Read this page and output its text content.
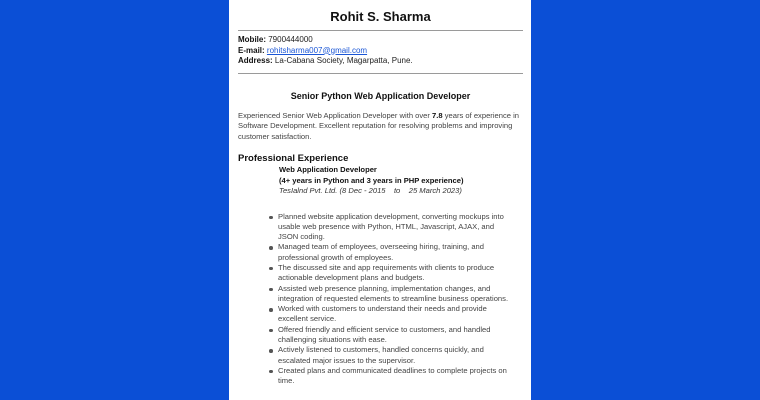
Rohit S. Sharma
Mobile: 7900444000
E-mail: rohitsharma007@gmail.com
Address: La-Cabana Society, Magarpatta, Pune.
Senior Python Web Application Developer
Experienced Senior Web Application Developer with over 7.8 years of experience in Software Development. Excellent reputation for resolving problems and improving customer satisfaction.
Professional Experience
Web Application Developer
(4+ years in Python and 3 years in PHP experience)
TesIalnd Pvt. Ltd. (8 Dec - 2015    to    25 March 2023)
Planned website application development, converting mockups into usable web presence with Python, HTML, Javascript, AJAX, and JSON coding.
Managed team of employees, overseeing hiring, training, and professional growth of employees.
The discussed site and app requirements with clients to produce actionable development plans and budgets.
Assisted web presence planning, implementation changes, and integration of requested elements to streamline business operations.
Worked with customers to understand their needs and provide excellent service.
Offered friendly and efficient service to customers, and handled challenging situations with ease.
Actively listened to customers, handled concerns quickly, and escalated major issues to the supervisor.
Created plans and communicated deadlines to complete projects on time.
